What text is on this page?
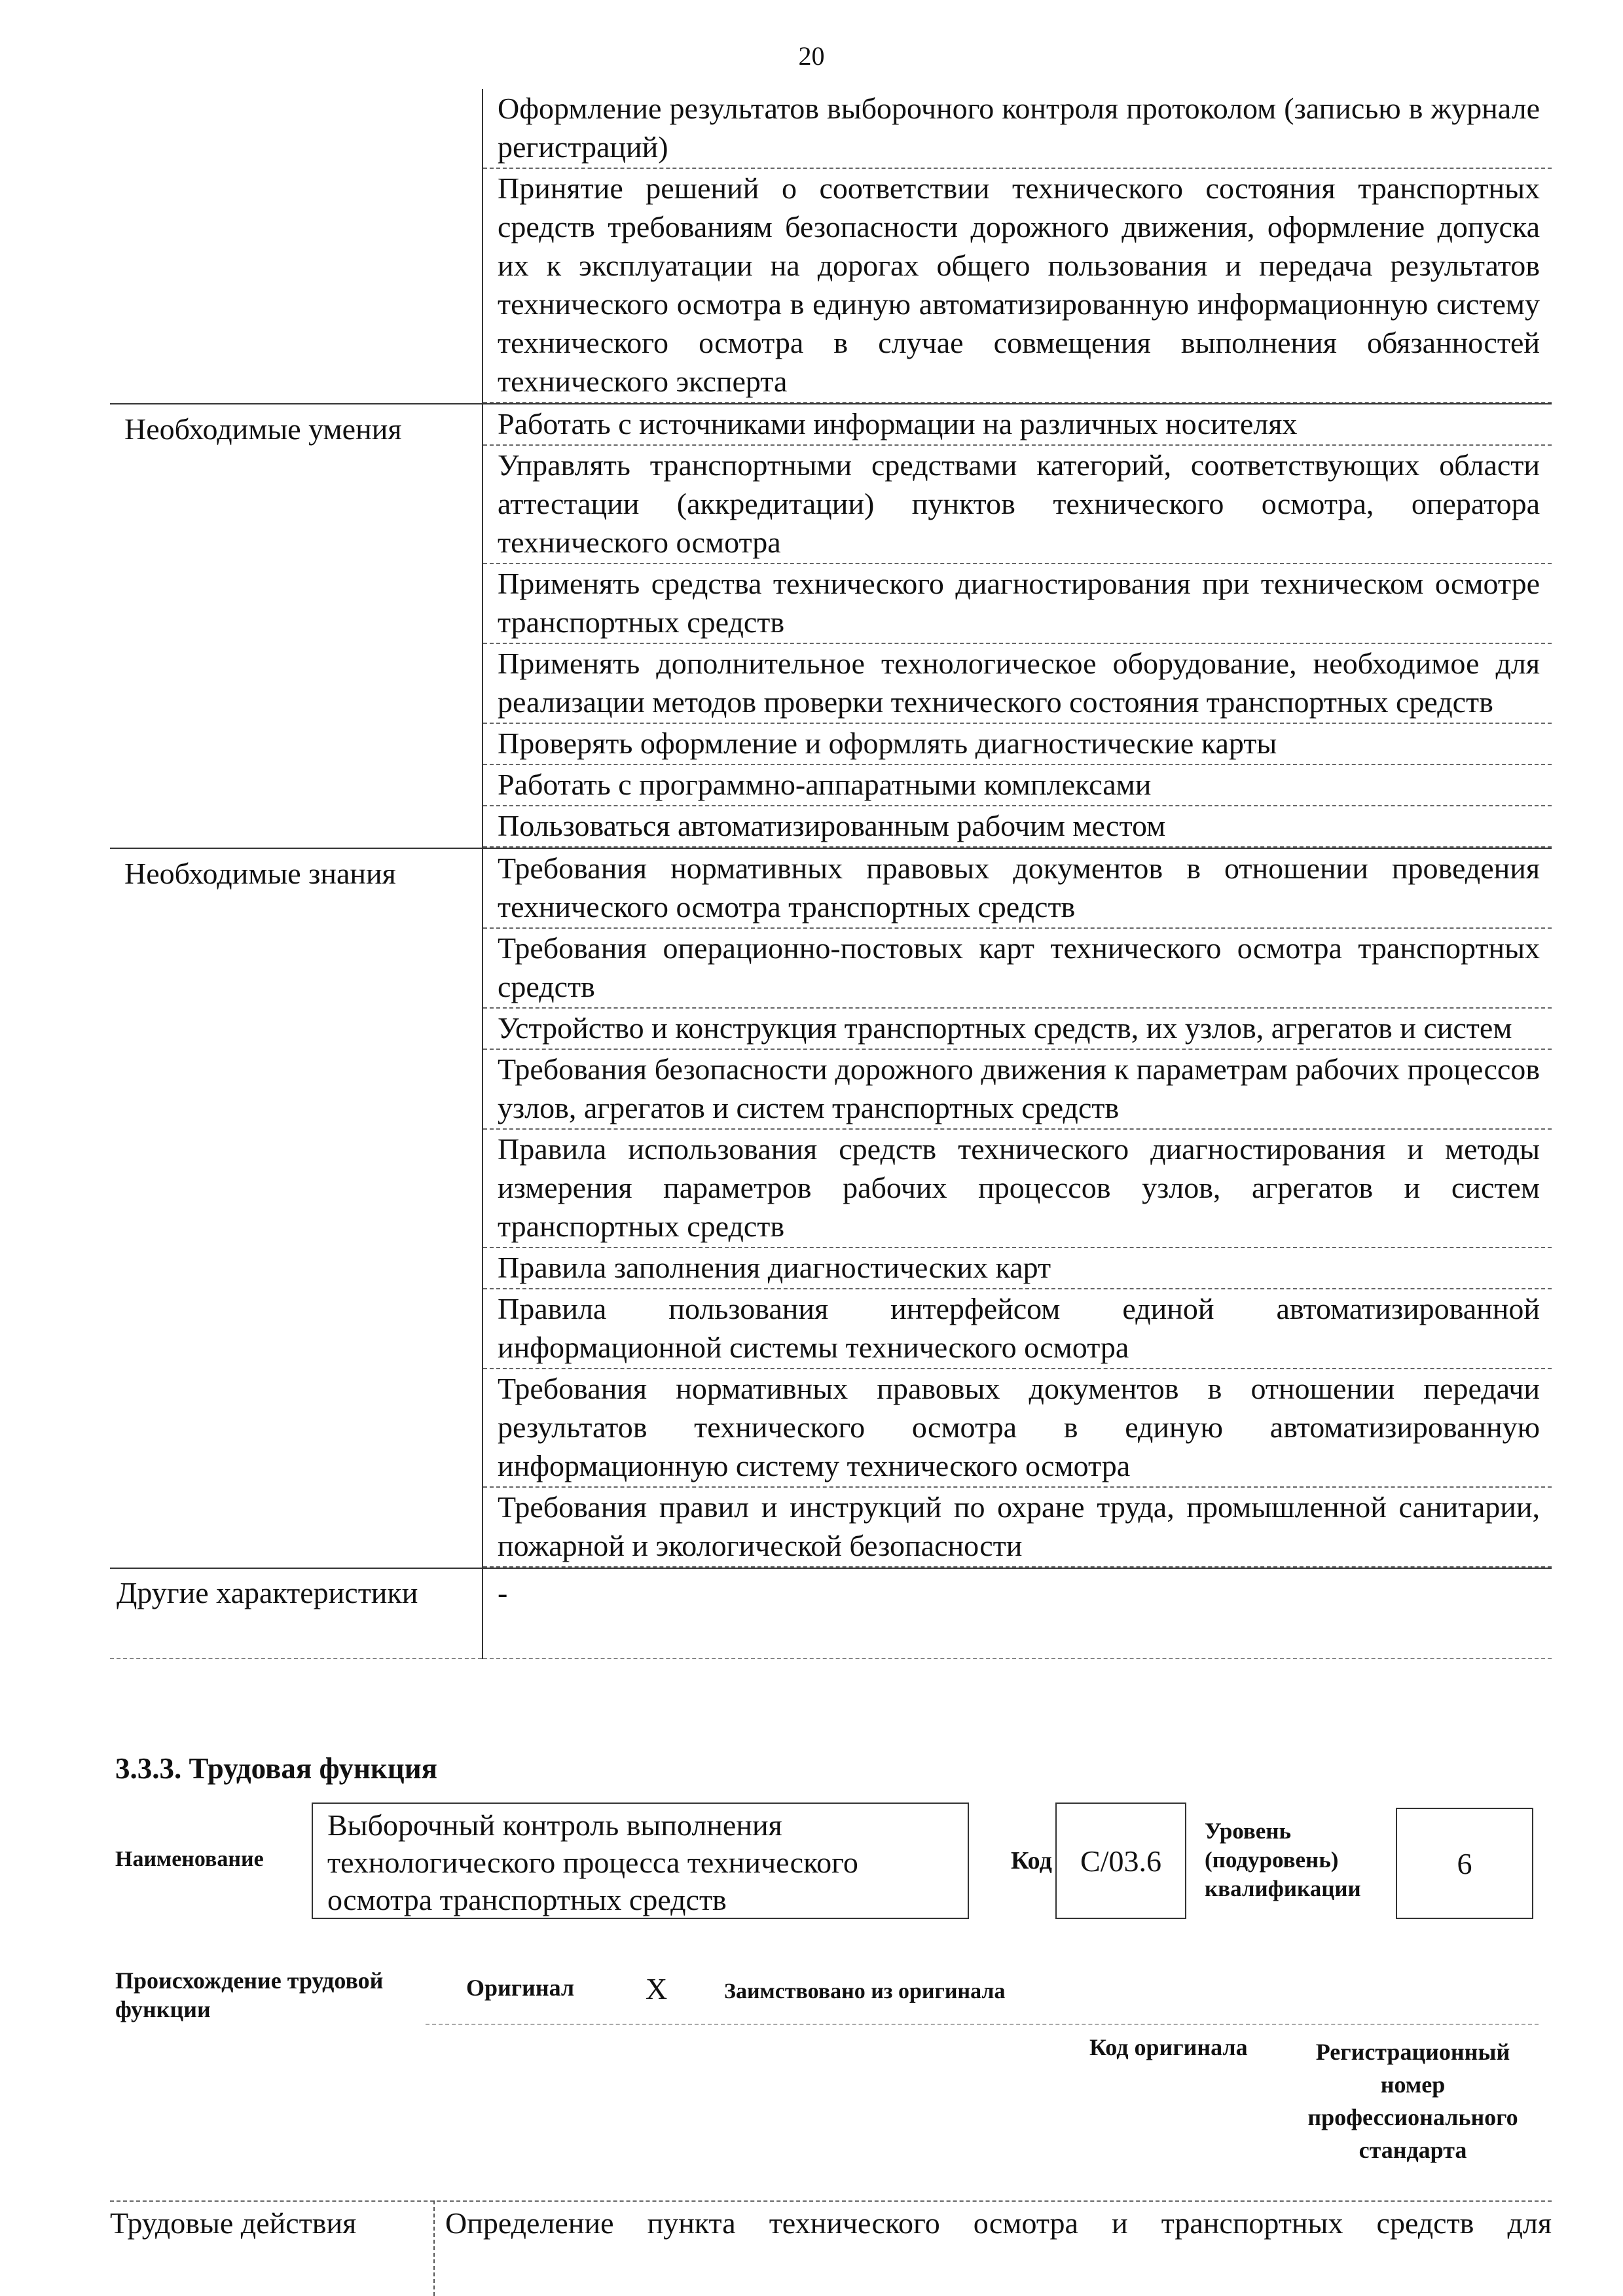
20

	Оформление результатов выборочного контроля протоколом (записью в журнале регистраций)

	Принятие решений о соответствии технического состояния транспортных средств требованиям безопасности дорожного движения, оформление допуска их к эксплуатации на дорогах общего пользования и передача результатов технического осмотра в единую автоматизированную информационную систему технического осмотра в случае совмещения выполнения обязанностей технического эксперта

Необходимые умения	Работать с источниками информации на различных носителях

	Управлять транспортными средствами категорий, соответствующих области аттестации (аккредитации) пунктов технического осмотра, оператора технического осмотра

	Применять средства технического диагностирования при техническом осмотре транспортных средств

	Применять дополнительное технологическое оборудование, необходимое для реализации методов проверки технического состояния транспортных средств

	Проверять оформление и оформлять диагностические карты

	Работать с программно-аппаратными комплексами

	Пользоваться автоматизированным рабочим местом

Необходимые знания	Требования нормативных правовых документов в отношении проведения технического осмотра транспортных средств

	Требования операционно-постовых карт технического осмотра транспортных средств

	Устройство и конструкция транспортных средств, их узлов, агрегатов и систем

	Требования безопасности дорожного движения к параметрам рабочих процессов узлов, агрегатов и систем транспортных средств

	Правила использования средств технического диагностирования и методы измерения параметров рабочих процессов узлов, агрегатов и систем транспортных средств

	Правила заполнения диагностических карт

	Правила пользования интерфейсом единой автоматизированной информационной системы технического осмотра

	Требования нормативных правовых документов в отношении передачи результатов технического осмотра в единую автоматизированную информационную систему технического осмотра

	Требования правил и инструкций по охране труда, промышленной санитарии, пожарной и экологической безопасности

Другие характеристики	-
3.3.3. Трудовая функция
Наименование
Выборочный контроль выполнения технологического процесса технического осмотра транспортных средств
Код C/03.6
Уровень (подуровень) квалификации
6
Происхождение трудовой функции
Оригинал X	Заимствовано из оригинала
Код оригинала	Регистрационный номер профессионального стандарта
Трудовые действия	Определение пункта технического осмотра и транспортных средств для
